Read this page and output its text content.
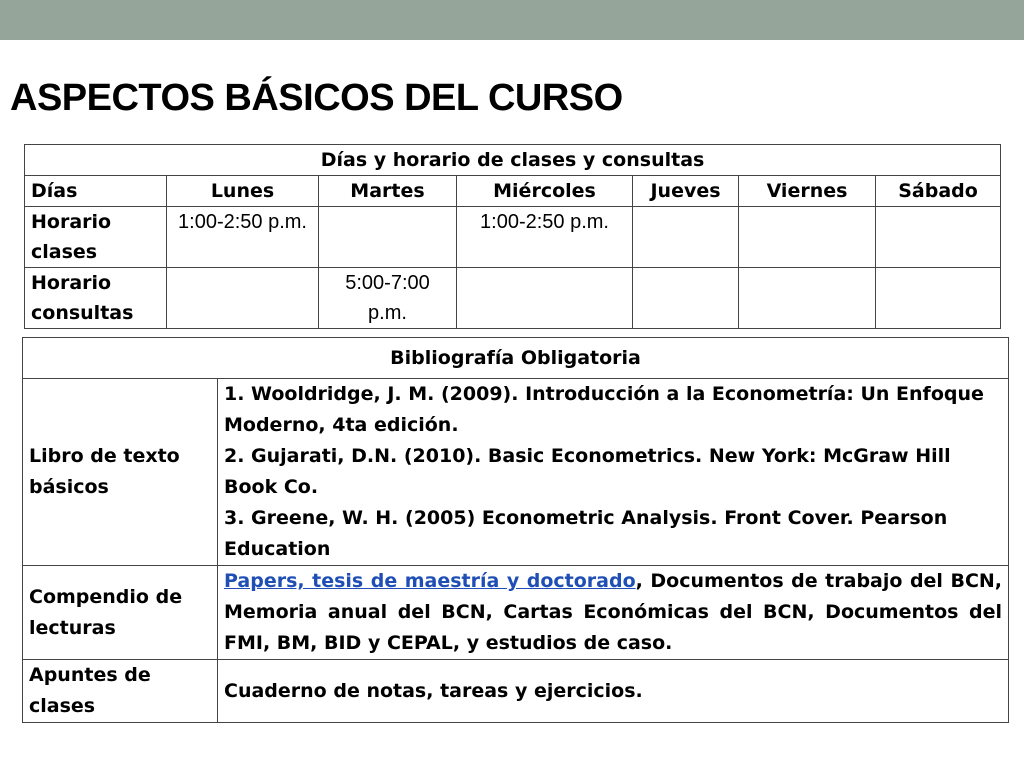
ASPECTOS BÁSICOS DEL CURSO
Días y horario de clases y consultas						
Días	Lunes	Martes	Miércoles	Jueves	Viernes	Sábado
Horario clases	1:00-2:50 p.m.		1:00-2:50 p.m.			
Horario consultas		5:00-7:00 p.m.				
Bibliografía Obligatoria	
Libro de texto básicos	1. Wooldridge, J. M. (2009). Introducción a la Econometría: Un Enfoque Moderno, 4ta edición.
2. Gujarati, D.N. (2010). Basic Econometrics. New York: McGraw Hill Book Co.
3. Greene, W. H. (2005) Econometric Analysis. Front Cover. Pearson Education

Compendio de lecturas	Papers, tesis de maestría y doctorado, Documentos de trabajo del BCN, Memoria anual del BCN, Cartas Económicas del BCN, Documentos del FMI, BM, BID y CEPAL, y estudios de caso.
Apuntes de clases	Cuaderno de notas, tareas y ejercicios.
